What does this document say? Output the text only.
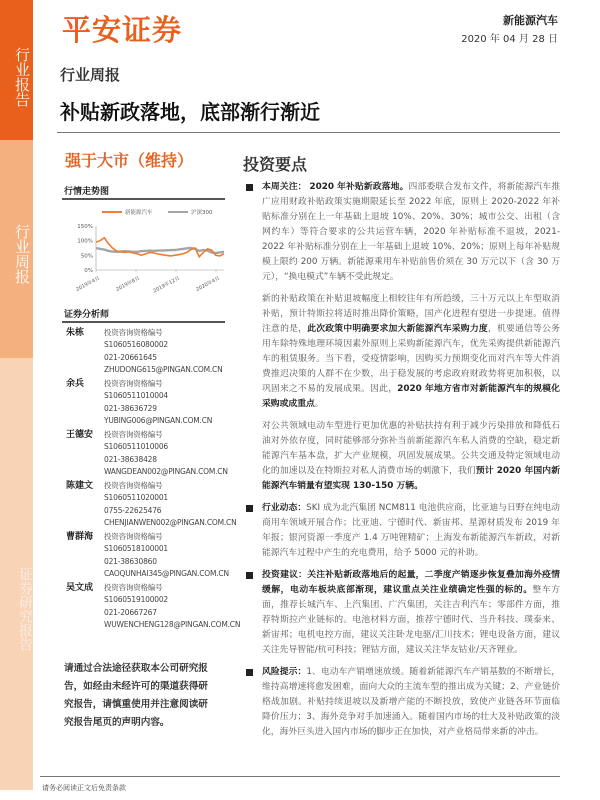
行业报告
行业周报
证券研究报告
平安证券	新能源汽车
2020 年 04 月 28 日
行业周报
补贴新政落地，底部渐行渐近
强于大市（维持）	投资要点
行情走势图
0%
50%
100%
150%
2019年4月	2019年8月 2019年12月	2020年4月
新能源汽车	沪深300
证券分析师
朱栋	投资咨询资格编号
S1060516080002
021-20661645
ZHUDONG615@PINGAN.COM.CN
余兵	投资咨询资格编号
S1060511010004
021-38636729
YUBING006@PINGAN.COM.CN
王德安 投资咨询资格编号
S1060511010006
021-38638428
WANGDEAN002@PINGAN.COM.CN
陈建文 投资咨询资格编号
S1060511020001
0755-22625476
CHENJIANWEN002@PINGAN.COM.CN
曹群海 投资咨询资格编号
S1060518100001
021-38630860
CAOQUNHAI345@PINGAN.COM.CN
吴文成 投资咨询资格编号
S1060519100002
021-20667267
WUWENCHENG128@PINGAN.COM.CN
请通过合法途径获取本公司研究报告，如经由未经许可的渠道获得研究报告，请慎重使用并注意阅读研究报告尾页的声明内容。

本周关注： 2020 年补贴新政落地。四部委联合发布文件，将新能源汽车推广应用财政补贴政策实施期限延长至 2022 年底，原则上 2020-2022 年补贴标准分别在上一年基础上退坡 10%、20%、30%；城市公交、出租（含网约车）等符合要求的公共运营车辆，2020 年补贴标准不退坡，2021-2022 年补贴标准分别在上一年基础上退坡 10%、20%；原则上每年补贴规模上限约 200 万辆。新能源乘用车补贴前售价须在 30 万元以下（含 30 万元），“换电模式”车辆不受此规定。

新的补贴政策在补贴退坡幅度上相较往年有所趋缓，三十万元以上车型取消补贴，预计特斯拉将适时推出降价策略，国产化进程有望进一步提速。值得注意的是，此次政策中明确要求加大新能源汽车采购力度，机要通信等公务用车除特殊地理环境因素外原则上采购新能源汽车，优先采购提供新能源汽车的租赁服务。当下看，受疫情影响，因购买力预期变化而对汽车等大件消费推迟决策的人群不在少数，出于稳发展的考虑政府财政势将更加积极，以巩固来之不易的发展成果。因此，2020 年地方省市对新能源汽车的规模化采购或成重点。

对公共领域电动车型进行更加优惠的补贴扶持有利于减少污染排放和降低石油对外依存度，同时能够部分弥补当前新能源汽车私人消费的空缺，稳定新能源汽车基本盘，扩大产业规模，巩固发展成果。公共交通及特定领域电动化的加速以及在特斯拉对私人消费市场的刺激下，我们预计 2020 年国内新能源汽车销量有望实现 130-150 万辆。

行业动态：SKI 成为北汽集团 NCM811 电池供应商，比亚迪与日野在纯电动商用车领域开展合作；比亚迪、宁德时代、新宙邦、星源材质发布 2019 年年报；银河资源一季度产 1.4 万吨锂精矿；上海发布新能源汽车新政，对新能源汽车过程中产生的充电费用，给予 5000 元的补助。

投资建议：关注补贴新政落地后的起量，二季度产销逐步恢复叠加海外疫情缓解，电动车板块底部渐现，建议重点关注业绩确定性强的标的。整车方面，推荐长城汽车、上汽集团、广汽集团，关注吉利汽车；零部件方面，推荐特斯拉产业链标的。电池材料方面，推荐宁德时代、当升科技、璞泰来、新宙邦；电机电控方面，建议关注卧龙电驱/汇川技术；锂电设备方面，建议关注先导智能/杭可科技；锂钴方面，建议关注华友钴业/天齐锂业。

风险提示：1、电动车产销增速放缓。随着新能源汽车产销基数的不断增长，维持高增速将愈发困难，面向大众的主流车型的推出成为关键；2、产业链价格战加剧。补贴持续退坡以及新增产能的不断投放，致使产业链各环节面临降价压力；3、海外竞争对手加速涌入。随着国内市场的壮大及补贴政策的淡化，海外巨头进入国内市场的脚步正在加快，对产业格局带来新的冲击。

请务必阅读正文后免责条款
